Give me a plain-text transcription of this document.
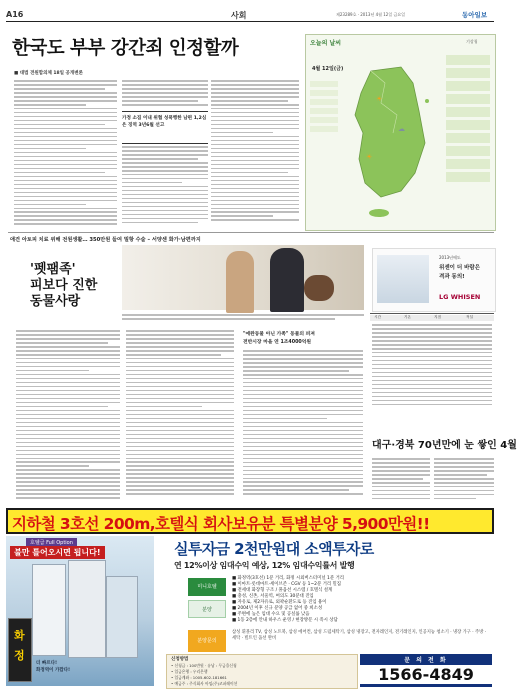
A16	사회	제23289호 · 2013년 4월 12일 금요일	동아일보
한국도 부부 강간죄 인정할까
■ 대법 전원합의체 18일 공개변론
가정 소집 이내 위협 성폭행한 남편 1,2심은 징역 3년6월 선고
오늘의 날씨	기상청
4월 12일(금)
☀
☁
☀
애견 아토피 치료 위해 전원생활… 350만원 들여 밀항 수술 – 서양센 화가·남편까지
2013년에도
위센이 더 바람은
격과 동의!
LG WHISEN
'펫팸족'
피보다 진한
동물사랑
"애완동물 아닌 가족" 동물의 퍼져
전반시장 마을 연 1조4000억원
시간	기온	지점	적설
대구·경북 70년만에 눈 쌓인 4월
지하철 3호선 200m,호텔식 회사보유분 특별분양 5,900만원!!
호텔급 Full Option
불만 틀어오시면 됩니다!
화
정
더 빠르다!
화정역이 가깝다!
실투자금 2천만원대 소액투자로
연 12%이상 임대수익 예상, 12% 임대수익률서 발행
미니호텔
분양
분양문의
■ 화정역(3호선) 1분 거리, 화정 시외버스터미널 1분 거리
■ 이마트·롯데마트·세이브존 · CGV 등 1~2분 거리 밀집
■ 전세대 화장형 구조 / 풀옵션 시스템 / 호텔식 설계
■ 충성, 신촌, 서울역, 여의도 30분대 진입
■ 자유로, 제2자유로, 외곽순환도로 등 진입 용이
■ 2004년 이후 신규 분양 공급 없어 중 희소성
■ 주변에 높은 임대 수요 및 공실률 낮음
■ 1동 2층에 안내 하우스 운영 / 현장방문 시 즉시 상담
삼성 휘몰리 TV, 삼성 노트북, 삼성 에어컨, 삼성 드럼세탁기, 삼성 냉장고, 전자레인지, 전기레인지, 인공지능 청소기 · 냉장 가구 · 주방 · 세탁 · 빌트인 옵션 완비
신청방법
• 신청금 : 100만원 · 유납 : 무금융신청
• 입금은행 : 우리은행
• 입금계좌 : 1005-602-181661
• 예금주 : 주식회사 아임(주)코퍼레이션
문 의 전 화
1566-4849
